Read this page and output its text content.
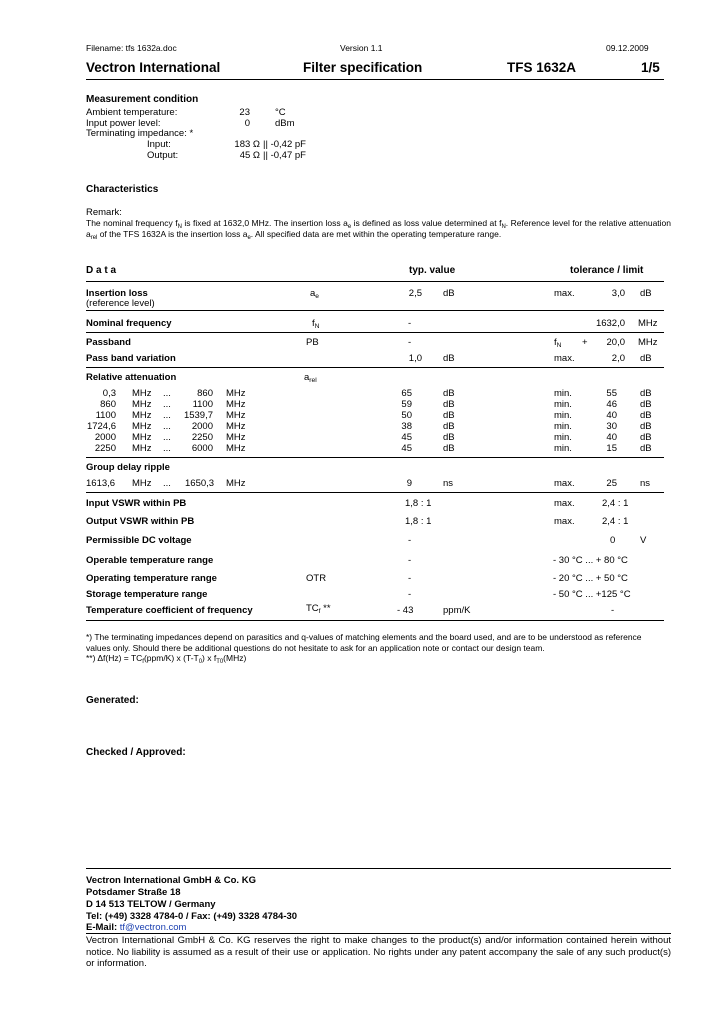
Filename: tfs 1632a.doc	Version 1.1	09.12.2009
Vectron International	Filter specification	TFS 1632A	1/5
Measurement condition
Ambient temperature:	23	°C
Input power level:	0	dBm
Terminating impedance: *
Input:	183 Ω || -0,42 pF
Output:	45 Ω || -0,47 pF
Characteristics
Remark:
The nominal frequency $f_N$ is fixed at 1632,0 MHz. The insertion loss $a_e$ is defined as loss value determined at $f_N$. Reference level for the relative attenuation $a_{rel}$ of the TFS 1632A is the insertion loss $a_e$. All specified data are met within the operating temperature range.
D a t a	typ. value	tolerance / limit
Insertion loss
(reference level)
$a_e$	2,5 dB	max.	3,0 dB
Nominal frequency	$f_N$	-	1632,0 MHz
Passband	PB	-	$f_N$ +	20,0 MHz
Pass band variation	1,0 dB	max.	2,0 dB
Relative attenuation	$a_{rel}$
0,3 MHz ...	860 MHz	65	dB	min.	55 dB
860 MHz ...	1100 MHz	59	dB	min.	46 dB
1100 MHz ...	1539,7 MHz	50	dB	min.	40 dB
1724,6 MHz ...	2000 MHz	38	dB	min.	30 dB
2000 MHz ...	2250 MHz	45	dB	min.	40 dB
2250 MHz ...	6000 MHz	45	dB	min.	15 dB
Group delay ripple
1613,6 MHz ... 1650,3 MHz	9	ns	max.	25 ns
Input VSWR within PB	1,8 : 1	max.	2,4 : 1
Output VSWR within PB	1,8 : 1	max.	2,4 : 1
Permissible DC voltage	-	0	V
Operable temperature range	-	- 30 °C ... + 80 °C
Operating temperature range	OTR	-	- 20 °C ... + 50 °C
Storage temperature range	-	- 50 °C ... +125 °C
Temperature coefficient of frequency	$TC_f$ **	- 43	ppm/K	-
*) The terminating impedances depend on parasitics and q-values of matching elements and the board used, and are to be understood as reference values only. Should there be additional questions do not hesitate to ask for an application note or contact our design team.
**) $\Delta f(Hz) = TC_f(ppm/K)$ x $(T-T_0)$ x $f_{T0}(MHz)$
Generated:
Checked / Approved:
Vectron International GmbH & Co. KG
Potsdamer Straße 18
D 14 513 TELTOW / Germany
Tel: (+49) 3328 4784-0 / Fax: (+49) 3328 4784-30
E-Mail: tf@vectron.com
Vectron International GmbH & Co. KG reserves the right to make changes to the product(s) and/or information contained herein without notice. No liability is assumed as a result of their use or application. No rights under any patent accompany the sale of any such product(s) or information.
